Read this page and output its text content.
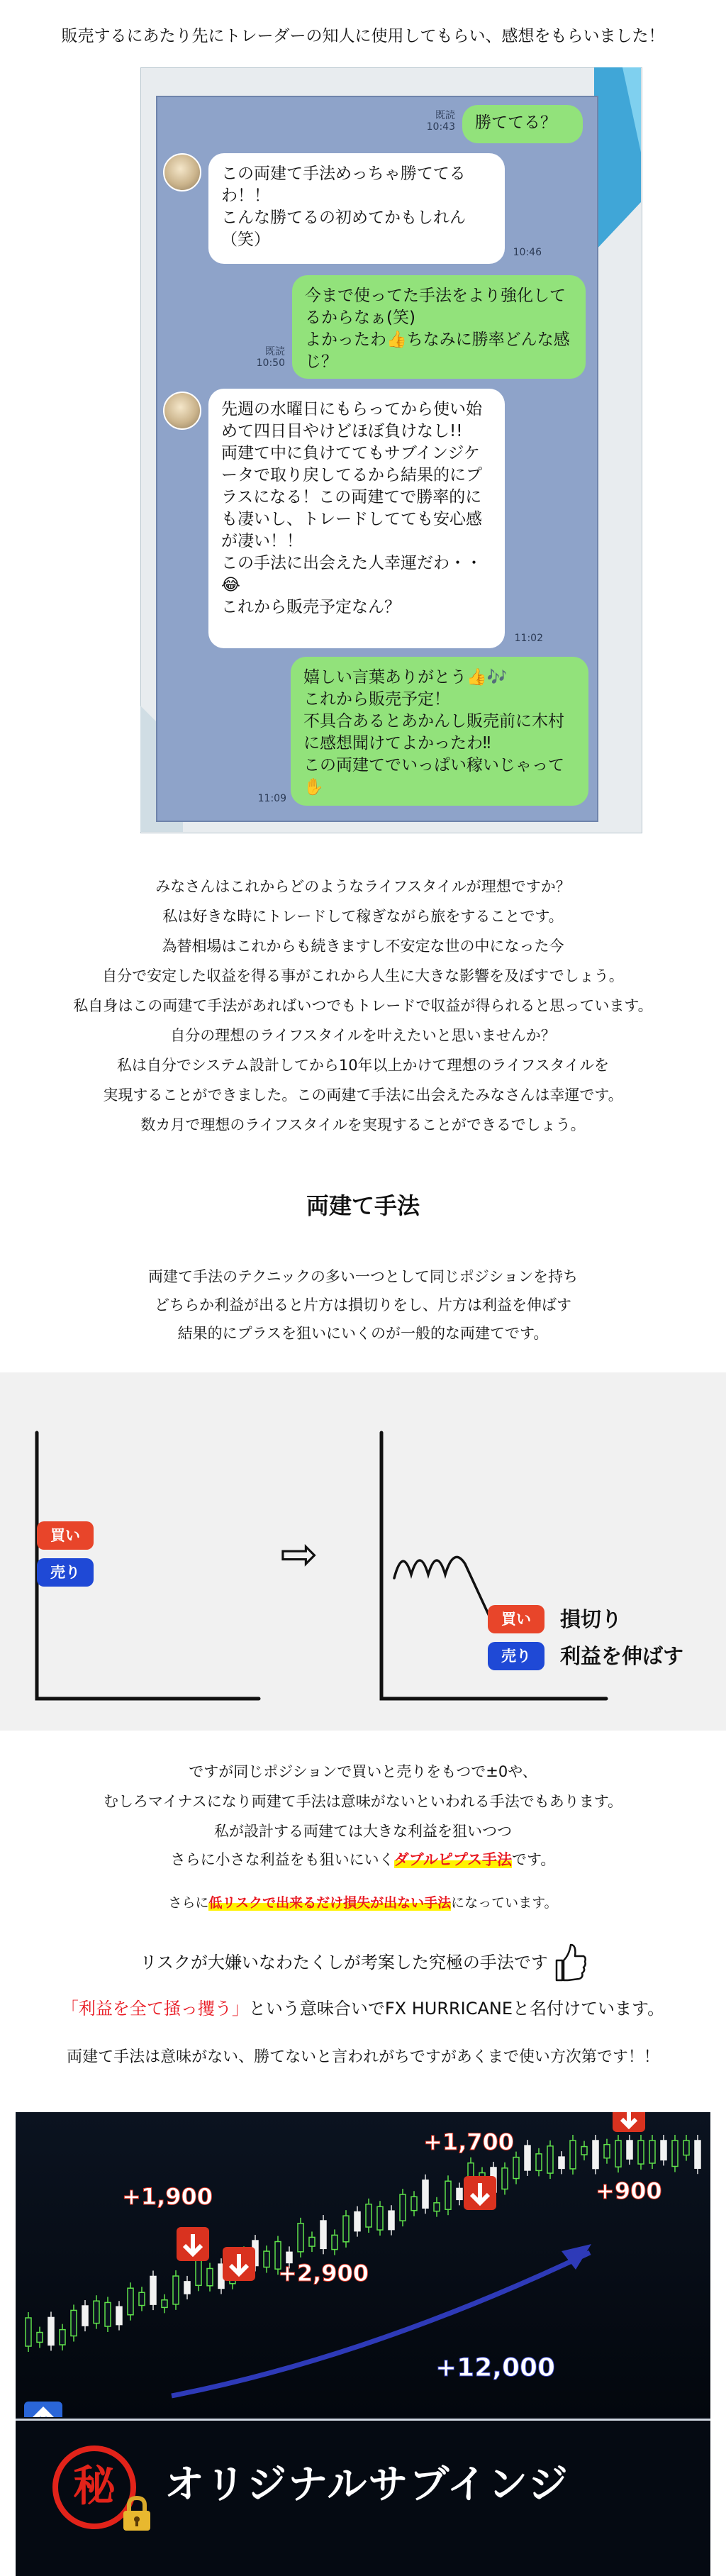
販売するにあたり先にトレーダーの知人に使用してもらい、感想をもらいました！
既読
10:43	勝ててる？
この両建て手法めっちゃ勝ててるわ！！
こんな勝てるの初めてかもしれん（笑）
10:46
既読
10:50
今まで使ってた手法をより強化してるからなぁ(笑)
よかったわ👍ちなみに勝率どんな感じ？
先週の水曜日にもらってから使い始めて四日目やけどほぼ負けなし!!
両建て中に負けててもサブインジケータで取り戻してるから結果的にプラスになる！この両建てで勝率的にも凄いし、トレードしてても安心感が凄い！！
この手法に出会えた人幸運だわ・・😂
これから販売予定なん？
11:02
11:09
嬉しい言葉ありがとう👍🎶
これから販売予定！
不具合あるとあかんし販売前に木村に感想聞けてよかったわ‼
この両建てでいっぱい稼いじゃって✋
みなさんはこれからどのようなライフスタイルが理想ですか？
私は好きな時にトレードして稼ぎながら旅をすることです。
為替相場はこれからも続きますし不安定な世の中になった今
自分で安定した収益を得る事がこれから人生に大きな影響を及ぼすでしょう。
私自身はこの両建て手法があればいつでもトレードで収益が得られると思っています。
自分の理想のライフスタイルを叶えたいと思いませんか？
私は自分でシステム設計してから10年以上かけて理想のライフスタイルを
実現することができました。この両建て手法に出会えたみなさんは幸運です。
数カ月で理想のライフスタイルを実現することができるでしょう。
両建て手法
両建て手法のテクニックの多い一つとして同じポジションを持ち
どちらか利益が出ると片方は損切りをし、片方は利益を伸ばす
結果的にプラスを狙いにいくのが一般的な両建てです。
買い
売り	⇨
買い	損切り
売り	利益を伸ばす
ですが同じポジションで買いと売りをもつで±0や、
むしろマイナスになり両建て手法は意味がないといわれる手法でもあります。
私が設計する両建ては大きな利益を狙いつつ
さらに小さな利益をも狙いにいくダブルピプス手法です。
さらに低リスクで出来るだけ損失が出ない手法になっています。
リスクが大嫌いなわたくしが考案した究極の手法です
「利益を全て掻っ攫う」という意味合いでFX HURRICANEと名付けています。
両建て手法は意味がない、勝てないと言われがちですがあくまで使い方次第です！！
+1,900
+2,900
+1,700
+900
+12,000
秘	オリジナルサブインジ
